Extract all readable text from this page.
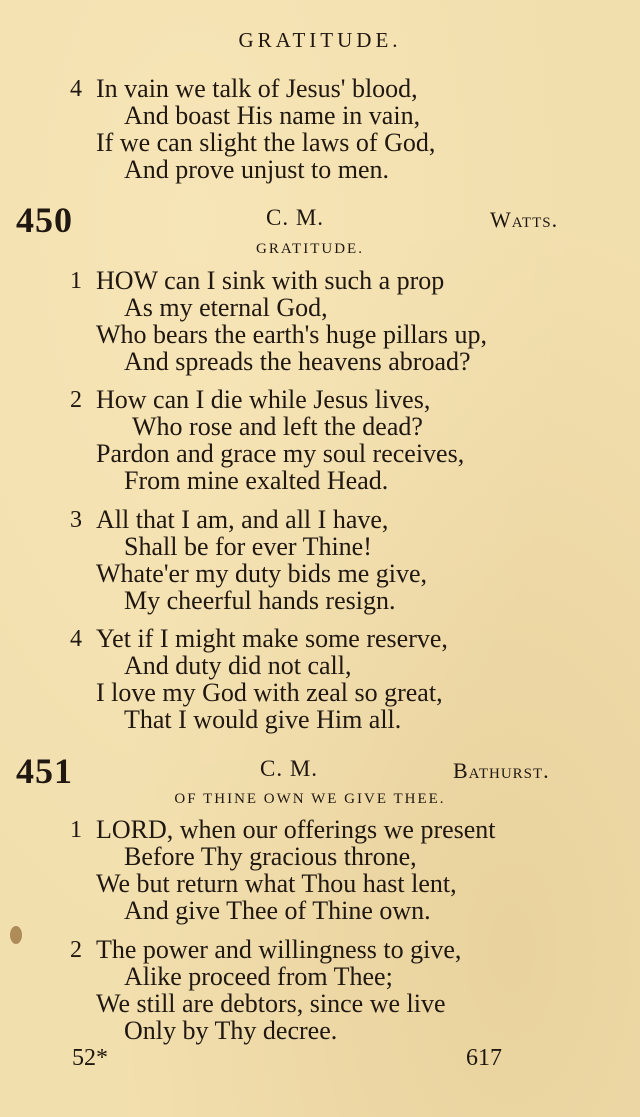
GRATITUDE.
4 In vain we talk of Jesus' blood,
And boast His name in vain,
If we can slight the laws of God,
And prove unjust to men.
450	C. M.	Watts.
GRATITUDE.
1 HOW can I sink with such a prop
As my eternal God,
Who bears the earth's huge pillars up,
And spreads the heavens abroad?
2 How can I die while Jesus lives,
Who rose and left the dead?
Pardon and grace my soul receives,
From mine exalted Head.
3 All that I am, and all I have,
Shall be for ever Thine!
Whate'er my duty bids me give,
My cheerful hands resign.
4 Yet if I might make some reserve,
And duty did not call,
I love my God with zeal so great,
That I would give Him all.
451	C. M.	Bathurst.
OF THINE OWN WE GIVE THEE.
1 LORD, when our offerings we present
Before Thy gracious throne,
We but return what Thou hast lent,
And give Thee of Thine own.
2 The power and willingness to give,
Alike proceed from Thee;
We still are debtors, since we live
Only by Thy decree.
52*	617
